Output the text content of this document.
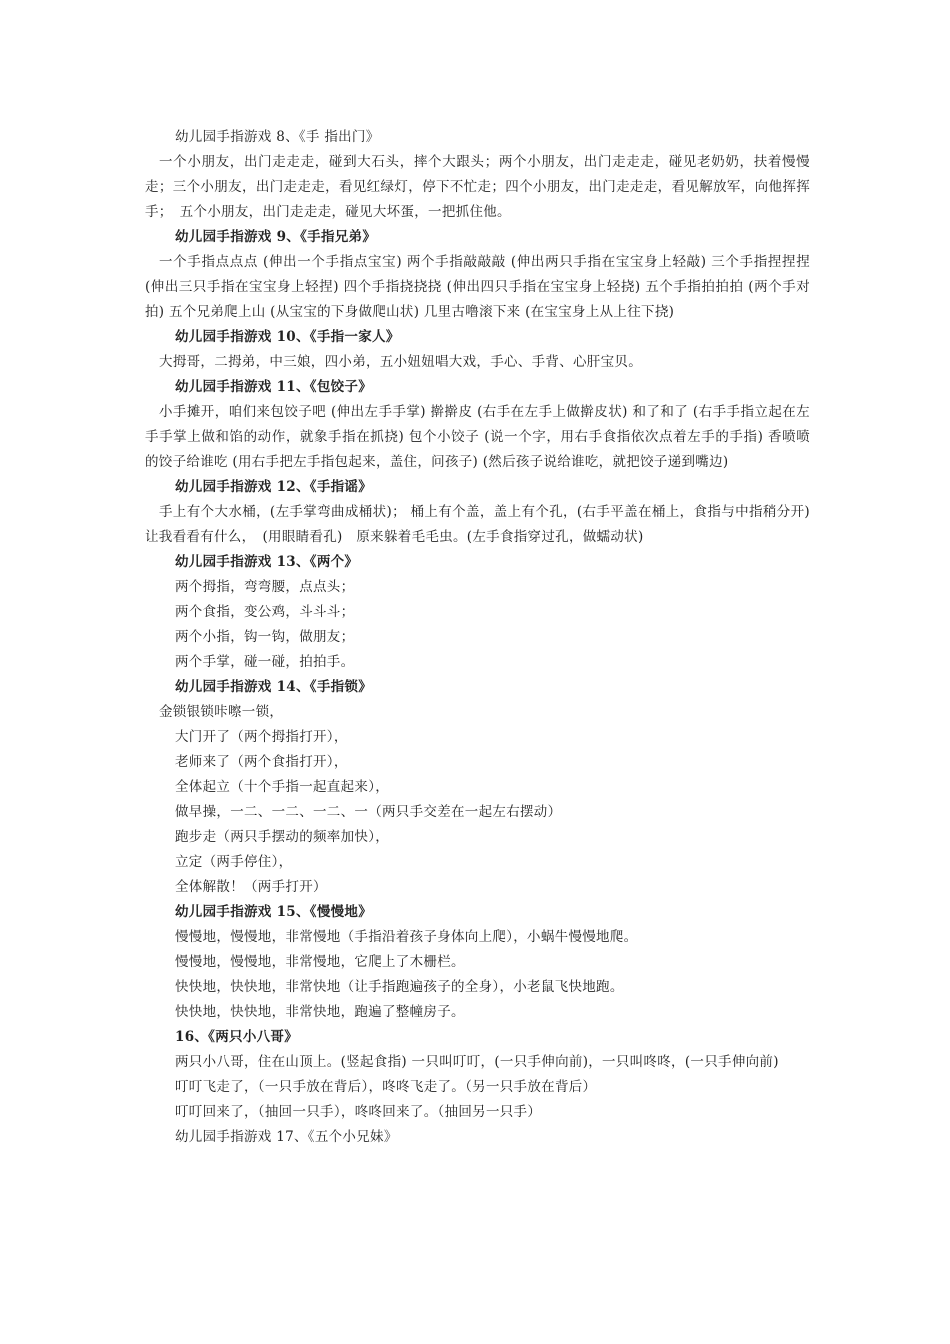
幼儿园手指游戏 8、《手 指出门》
一个小朋友，出门走走走，碰到大石头，摔个大跟头；两个小朋友，出门走走走，碰见老奶奶，扶着慢慢走；三个小朋友，出门走走走，看见红绿灯，停下不忙走；四个小朋友，出门走走走，看见解放军，向他挥挥手；　五个小朋友，出门走走走，碰见大坏蛋，一把抓住他。
幼儿园手指游戏 9、《手指兄弟》
一个手指点点点 (伸出一个手指点宝宝) 两个手指敲敲敲 (伸出两只手指在宝宝身上轻敲) 三个手指捏捏捏 (伸出三只手指在宝宝身上轻捏) 四个手指挠挠挠 (伸出四只手指在宝宝身上轻挠) 五个手指拍拍拍 (两个手对拍) 五个兄弟爬上山 (从宝宝的下身做爬山状) 几里古噜滚下来 (在宝宝身上从上往下挠)
幼儿园手指游戏 10、《手指一家人》
大拇哥，二拇弟，中三娘，四小弟，五小妞妞唱大戏，手心、手背、心肝宝贝。
幼儿园手指游戏 11、《包饺子》
小手摊开，咱们来包饺子吧 (伸出左手手掌) 擀擀皮 (右手在左手上做擀皮状) 和了和了 (右手手指立起在左手手掌上做和馅的动作，就象手指在抓挠) 包个小饺子 (说一个字，用右手食指依次点着左手的手指) 香喷喷的饺子给谁吃 (用右手把左手指包起来，盖住，问孩子) (然后孩子说给谁吃，就把饺子递到嘴边)
幼儿园手指游戏 12、《手指谣》
手上有个大水桶，(左手掌弯曲成桶状)； 桶上有个盖，盖上有个孔，(右手平盖在桶上，食指与中指稍分开)　让我看看有什么，　(用眼睛看孔)　原来躲着毛毛虫。(左手食指穿过孔，做蠕动状)
幼儿园手指游戏 13、《两个》
两个拇指，弯弯腰，点点头；
两个食指，变公鸡，斗斗斗；
两个小指，钩一钩，做朋友；
两个手掌，碰一碰，拍拍手。
幼儿园手指游戏 14、《手指锁》
金锁银锁咔嚓一锁，
大门开了（两个拇指打开），
老师来了（两个食指打开），
全体起立（十个手指一起直起来），
做早操，一二、一二、一二、一（两只手交差在一起左右摆动）
跑步走（两只手摆动的频率加快），
立定（两手停住），
全体解散！（两手打开）
幼儿园手指游戏 15、《慢慢地》
慢慢地，慢慢地，非常慢地（手指沿着孩子身体向上爬），小蜗牛慢慢地爬。
慢慢地，慢慢地，非常慢地，它爬上了木栅栏。
快快地，快快地，非常快地（让手指跑遍孩子的全身），小老鼠飞快地跑。
快快地，快快地，非常快地，跑遍了整幢房子。
16、《两只小八哥》
两只小八哥，住在山顶上。(竖起食指) 一只叫叮叮，(一只手伸向前)，一只叫咚咚，(一只手伸向前)
叮叮飞走了，（一只手放在背后），咚咚飞走了。（另一只手放在背后）
叮叮回来了，（抽回一只手），咚咚回来了。（抽回另一只手）
幼儿园手指游戏 17、《五个小兄妹》
